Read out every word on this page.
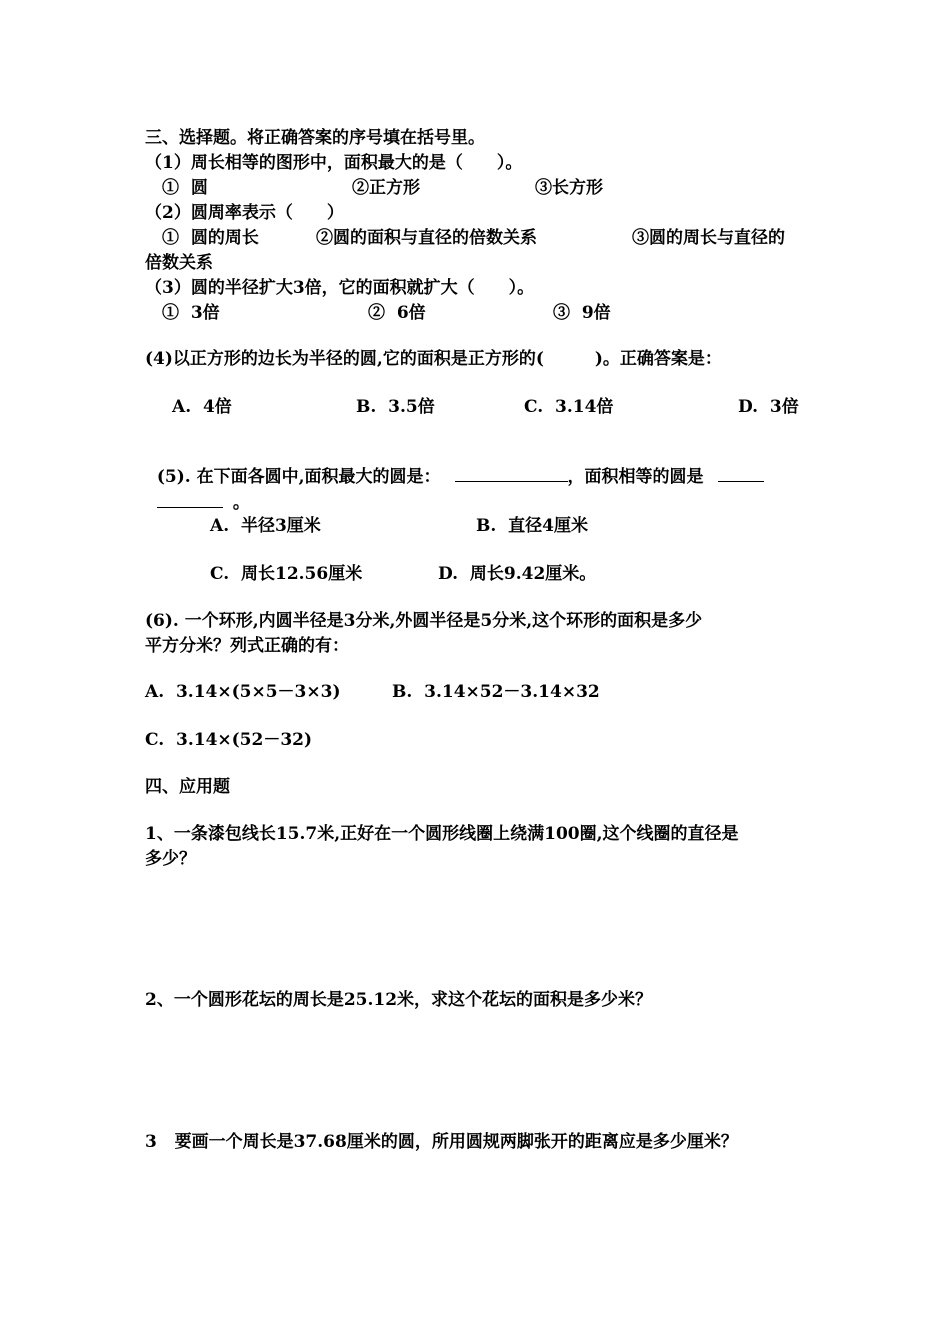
三、选择题。将正确答案的序号填在括号里。
（1）周长相等的图形中，面积最大的是（　　）。
①  圆	②正方形	③长方形
（2）圆周率表示（　　）
①  圆的周长	②圆的面积与直径的倍数关系	③圆的周长与直径的
倍数关系
（3）圆的半径扩大3倍，它的面积就扩大（　　）。
①  3倍	②  6倍	③  9倍
(4)以正方形的边长为半径的圆,它的面积是正方形的(　　　)。正确答案是：
A.  4倍	B.  3.5倍	C.  3.14倍	D.  3倍

(5). 在下面各圆中,面积最大的圆是：	，面积相等的圆是

。

A.  半径3厘米	B.  直径4厘米
C.  周长12.56厘米	D.  周长9.42厘米。
(6). 一个环形,内圆半径是3分米,外圆半径是5分米,这个环形的面积是多少
平方分米？列式正确的有：
A.  3.14×(5×5－3×3)	B.  3.14×52－3.14×32
C.  3.14×(52－32)
四、应用题
1、一条漆包线长15.7米,正好在一个圆形线圈上绕满100圈,这个线圈的直径是
多少？
2、一个圆形花坛的周长是25.12米，求这个花坛的面积是多少米？
3   要画一个周长是37.68厘米的圆，所用圆规两脚张开的距离应是多少厘米？
